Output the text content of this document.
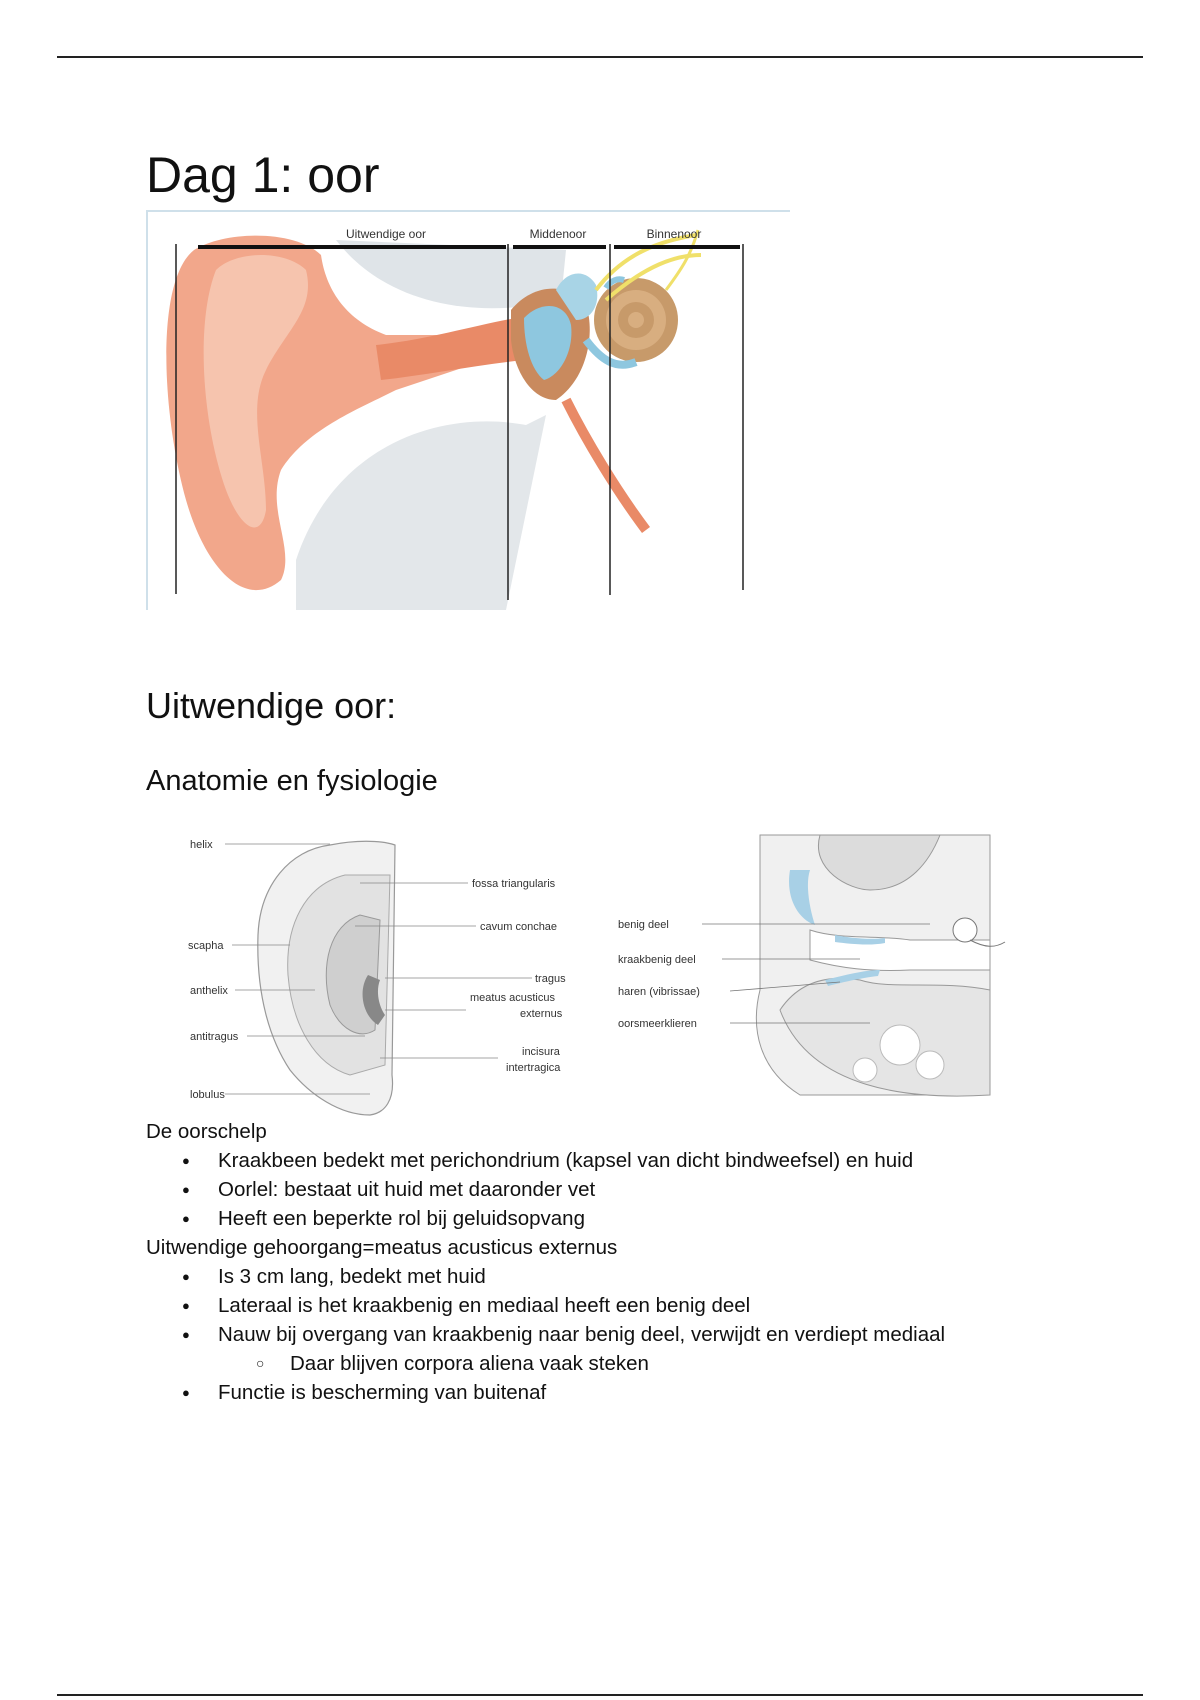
Dag 1: oor
Uitwendige oor	Middenoor	Binnenoor
Uitwendige oor:
Anatomie en fysiologie
helix
scapha
anthelix
antitragus
lobulus
fossa triangularis
cavum conchae
tragus
meatus acusticus
externus
incisura
intertragica
benig deel
kraakbenig deel
haren (vibrissae)
oorsmeerklieren

De oorschelp

● Kraakbeen bedekt met perichondrium (kapsel van dicht bindweefsel) en huid
● Oorlel: bestaat uit huid met daaronder vet
● Heeft een beperkte rol bij geluidsopvang

Uitwendige gehoorgang=meatus acusticus externus

● Is 3 cm lang, bedekt met huid
● Lateraal is het kraakbenig en mediaal heeft een benig deel
● Nauw bij overgang van kraakbenig naar benig deel, verwijdt en verdiept mediaal
○ Daar blijven corpora aliena vaak steken
● Functie is bescherming van buitenaf
